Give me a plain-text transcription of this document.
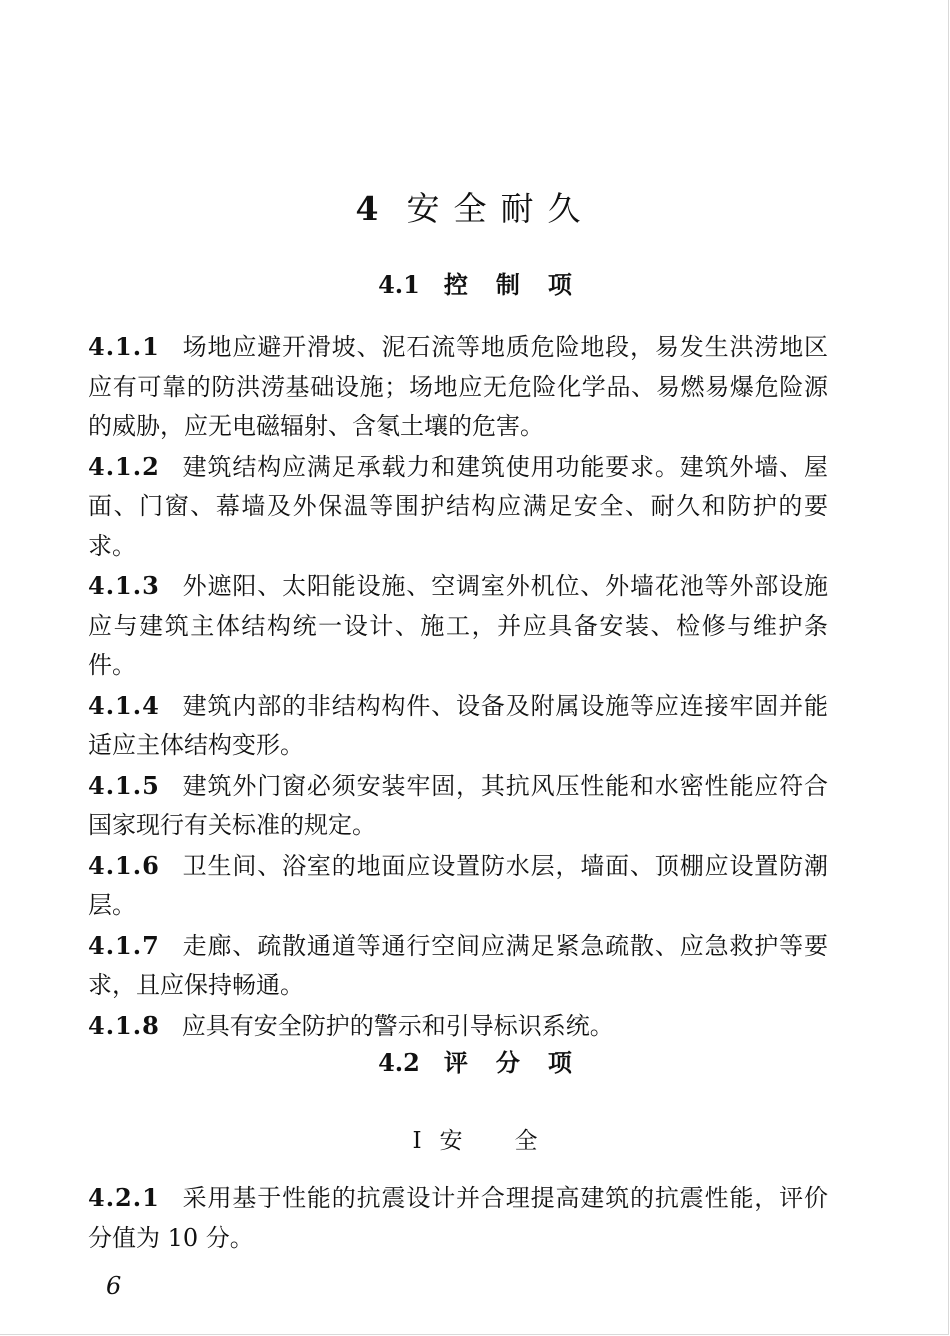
4 安全耐久
4.1 控制项

4.1.1 场地应避开滑坡、泥石流等地质危险地段，易发生洪涝地区应有可靠的防洪涝基础设施；场地应无危险化学品、易燃易爆危险源的威胁，应无电磁辐射、含氡土壤的危害。

4.1.2 建筑结构应满足承载力和建筑使用功能要求。建筑外墙、屋面、门窗、幕墙及外保温等围护结构应满足安全、耐久和防护的要求。

4.1.3 外遮阳、太阳能设施、空调室外机位、外墙花池等外部设施应与建筑主体结构统一设计、施工，并应具备安装、检修与维护条件。

4.1.4 建筑内部的非结构构件、设备及附属设施等应连接牢固并能适应主体结构变形。

4.1.5 建筑外门窗必须安装牢固，其抗风压性能和水密性能应符合国家现行有关标准的规定。

4.1.6 卫生间、浴室的地面应设置防水层，墙面、顶棚应设置防潮层。

4.1.7 走廊、疏散通道等通行空间应满足紧急疏散、应急救护等要求，且应保持畅通。

4.1.8 应具有安全防护的警示和引导标识系统。

4.2 评分项
Ⅰ 安全

4.2.1 采用基于性能的抗震设计并合理提高建筑的抗震性能，评价分值为 10 分。

6
